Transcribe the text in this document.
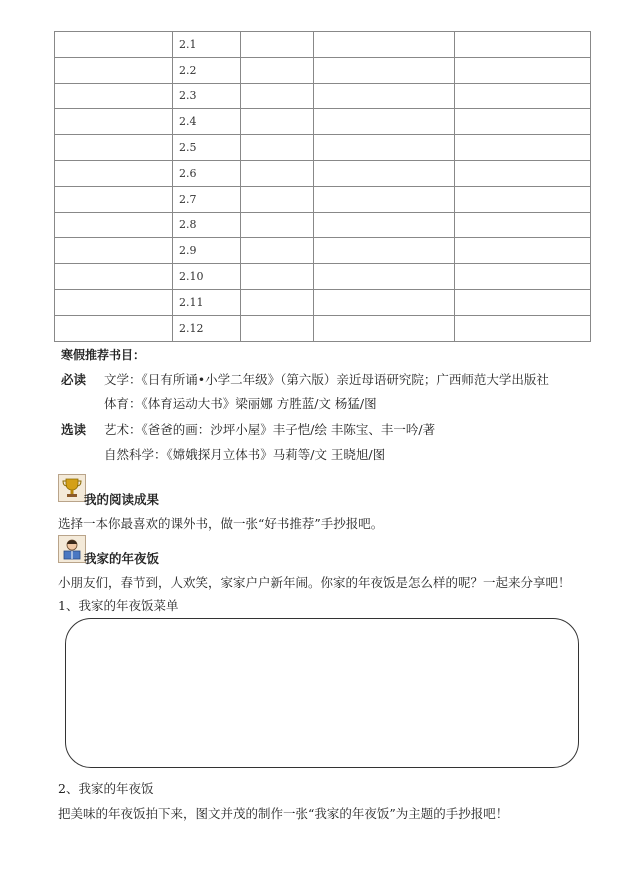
	2.1			
	2.2			
	2.3			
	2.4			
	2.5			
	2.6			
	2.7			
	2.8			
	2.9			
	2.10			
	2.11			
	2.12			
寒假推荐书目：
必读 文学：《日有所诵•小学二年级》（第六版）亲近母语研究院；广西师范大学出版社
体育：《体育运动大书》梁丽娜 方胜蓝/文 杨猛/图
选读 艺术：《爸爸的画：沙坪小屋》丰子恺/绘 丰陈宝、丰一吟/著
自然科学：《嫦娥探月立体书》马莉等/文 王晓旭/图
我的阅读成果
选择一本你最喜欢的课外书，做一张“好书推荐”手抄报吧。
我家的年夜饭
小朋友们，春节到，人欢笑，家家户户新年闹。你家的年夜饭是怎么样的呢？一起来分享吧！
1、我家的年夜饭菜单
2、我家的年夜饭
把美味的年夜饭拍下来，图文并茂的制作一张“我家的年夜饭”为主题的手抄报吧！
